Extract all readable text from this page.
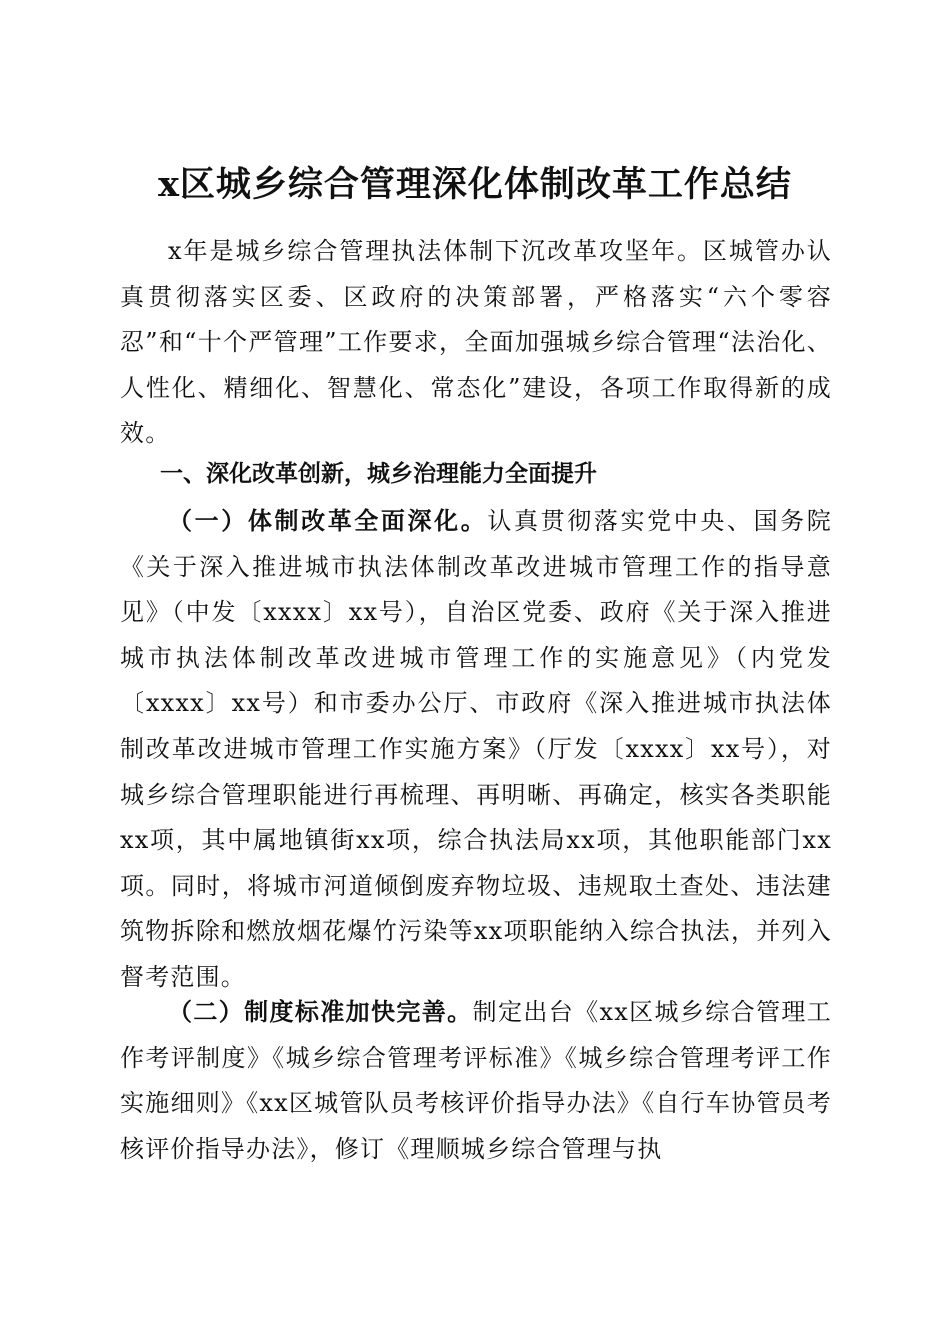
x区城乡综合管理深化体制改革工作总结

x年是城乡综合管理执法体制下沉改革攻坚年。区城管办认真贯彻落实区委、区政府的决策部署，严格落实“六个零容忍”和“十个严管理”工作要求，全面加强城乡综合管理“法治化、人性化、精细化、智慧化、常态化”建设，各项工作取得新的成效。

一、深化改革创新，城乡治理能力全面提升

（一）体制改革全面深化。认真贯彻落实党中央、国务院《关于深入推进城市执法体制改革改进城市管理工作的指导意见》（中发〔xxxx〕xx号），自治区党委、政府《关于深入推进城市执法体制改革改进城市管理工作的实施意见》（内党发〔xxxx〕xx号）和市委办公厅、市政府《深入推进城市执法体制改革改进城市管理工作实施方案》（厅发〔xxxx〕xx号），对城乡综合管理职能进行再梳理、再明晰、再确定，核实各类职能xx项，其中属地镇街xx项，综合执法局xx项，其他职能部门xx项。同时，将城市河道倾倒废弃物垃圾、违规取土查处、违法建筑物拆除和燃放烟花爆竹污染等xx项职能纳入综合执法，并列入督考范围。

（二）制度标准加快完善。制定出台《xx区城乡综合管理工作考评制度》《城乡综合管理考评标准》《城乡综合管理考评工作实施细则》《xx区城管队员考核评价指导办法》《自行车协管员考核评价指导办法》，修订《理顺城乡综合管理与执
